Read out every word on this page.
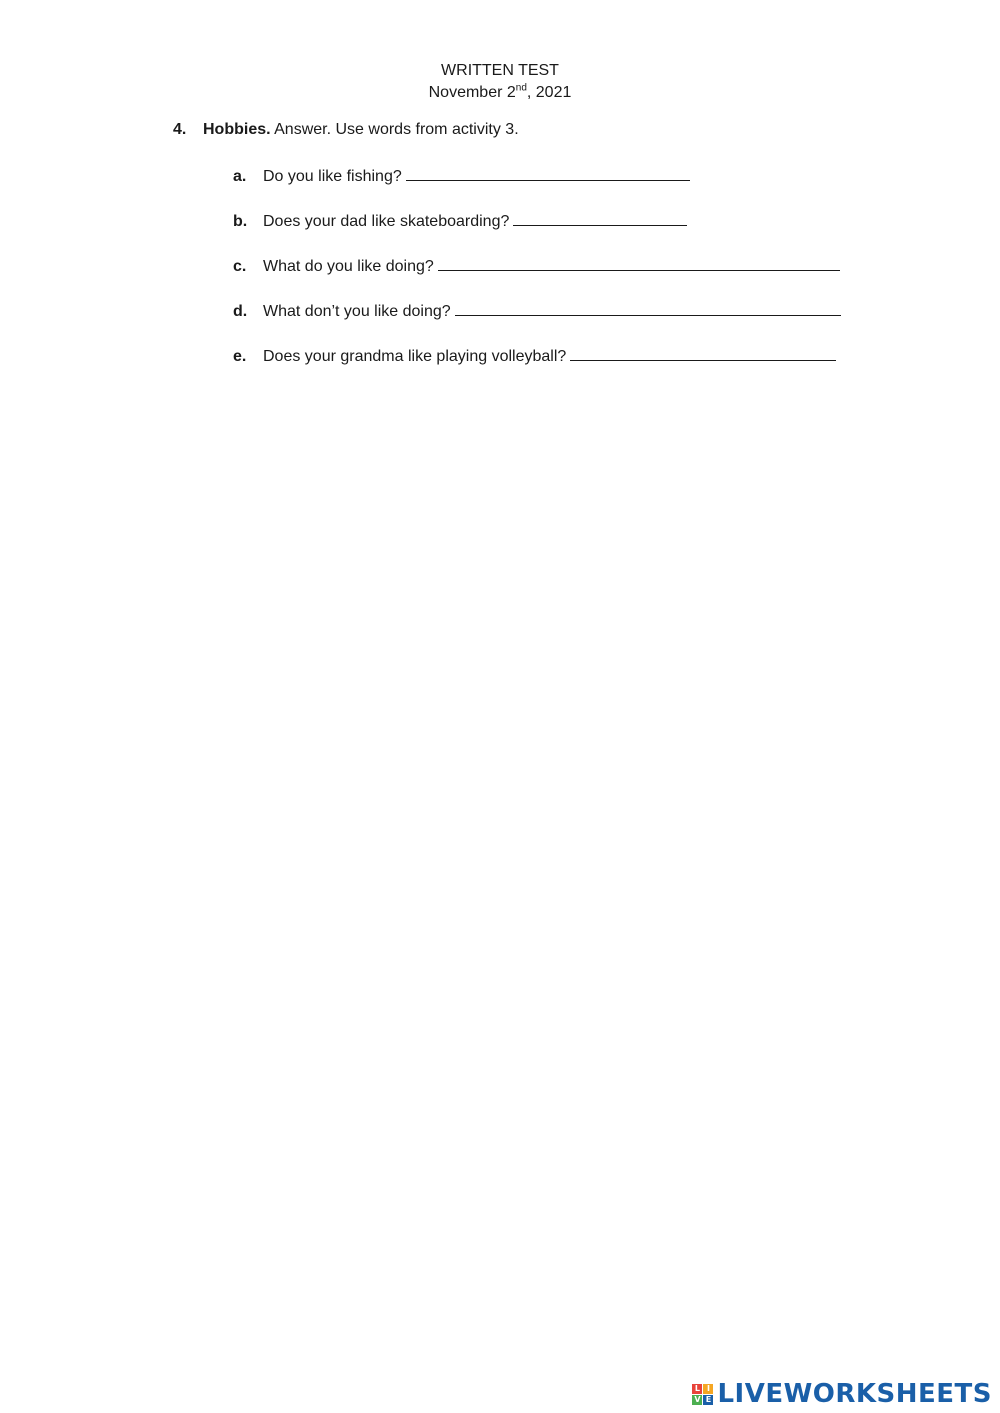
WRITTEN TEST
November 2nd, 2021
4. Hobbies. Answer. Use words from activity 3.
a. Do you like fishing?
b. Does your dad like skateboarding?
c. What do you like doing?
d. What don’t you like doing?
e. Does your grandma like playing volleyball?
L I
V E LIVEWORKSHEETS
